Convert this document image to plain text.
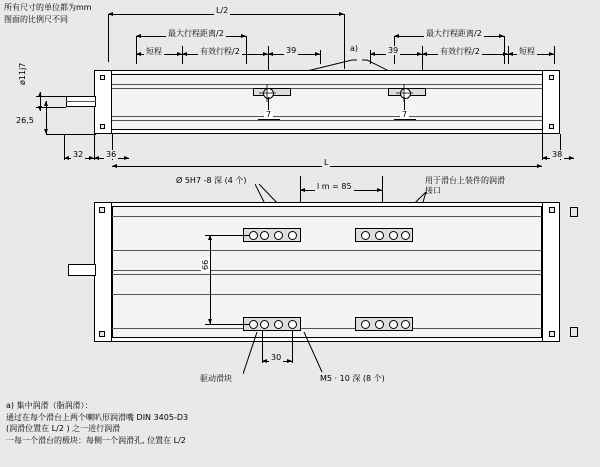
所有尺寸的单位都为mm
图面的比例尺不同
L/2
最大行程距离/2	最大行程距离/2
短程	有效行程/2	39	39	有效行程/2	短程
a)
7	7
ø11j7
26,5
32	36
L
38
Ø 5H7 -8 深 (4 个)
l m = 85
用于滑台上装件的润滑
接口
66
30
驱动滑块	M5 · 10 深 (8 个)
a) 集中润滑（脂润滑）：
通过在每个滑台上两个喇叭形润滑嘴 DIN 3405-D3
(润滑位置在 L/2 ) 之一进行润滑
一每一个滑台的极块：每侧一个润滑孔, 位置在 L/2
